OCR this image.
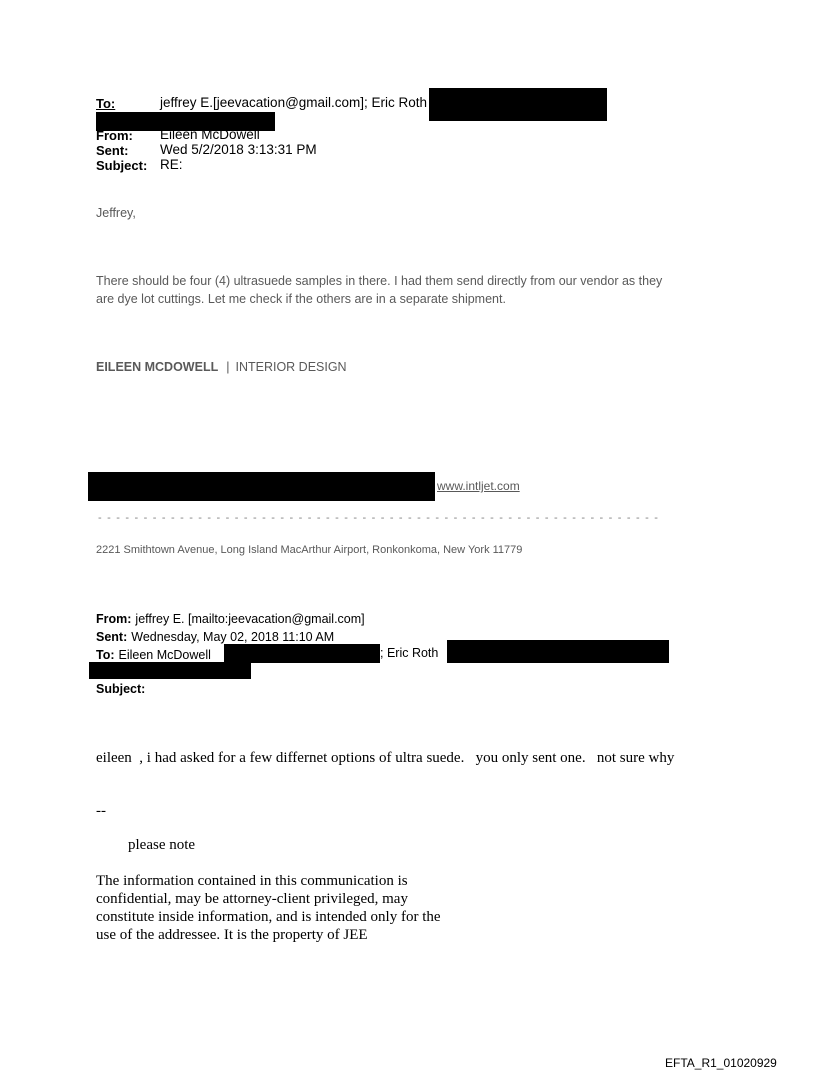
To:	jeffrey E.[jeevacation@gmail.com]; Eric Roth
From: Eileen McDowell
Sent: Wed 5/2/2018 3:13:31 PM
Subject: RE:
Jeffrey,
There should be four (4) ultrasuede samples in there. I had them send directly from our vendor as they
are dye lot cuttings. Let me check if the others are in a separate shipment.
EILEEN MCDOWELL | INTERIOR DESIGN
www.intljet.com
- - - - - - - - - - - - - - - - - - - - - - - - - - - - - - - - - - - - - - - - - - - - - - - - - - - - - - - - - - - - - -
2221 Smithtown Avenue, Long Island MacArthur Airport, Ronkonkoma, New York 11779
From: jeffrey E. [mailto:jeevacation@gmail.com]
Sent: Wednesday, May 02, 2018 11:10 AM
To: Eileen McDowell	; Eric Roth
Subject:
eileen  , i had asked for a few differnet options of ultra suede.   you only sent one.   not sure why
--
please note
The information contained in this communication is confidential, may be attorney-client privileged, may constitute inside information, and is intended only for the use of the addressee. It is the property of JEE
EFTA_R1_01020929
